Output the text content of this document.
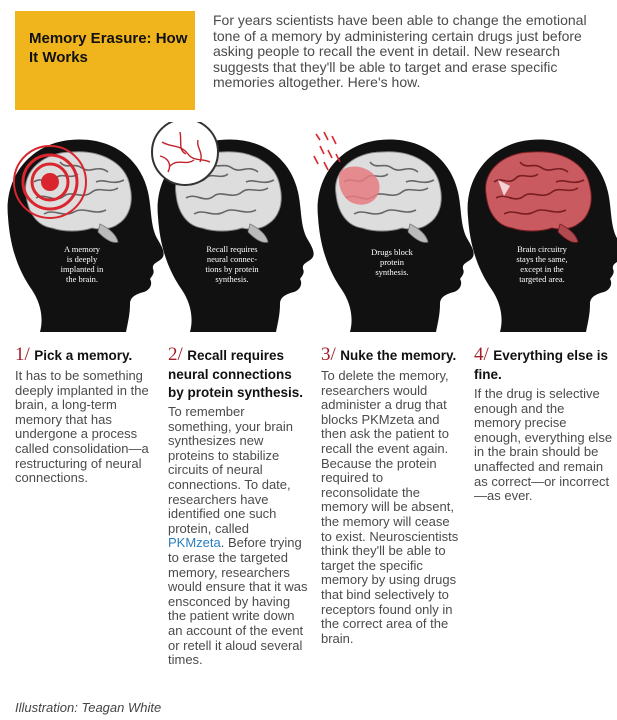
Memory Erasure: How It Works
For years scientists have been able to change the emotional tone of a memory by administering certain drugs just before asking people to recall the event in detail. New research suggests that they'll be able to target and erase specific memories altogether. Here's how.
A memory
is deeply
implanted in
the brain.
Recall requires
neural connec-
tions by protein
synthesis.
Drugs block
protein
synthesis.
Brain circuitry
stays the same,
except in the
targeted area.
1/ Pick a memory.
It has to be something deeply implanted in the brain, a long-term memory that has undergone a process called consolidation—a restructuring of neural connections.
2/ Recall requires neural connections by protein synthesis.
To remember something, your brain synthesizes new proteins to stabilize circuits of neural connections. To date, researchers have identified one such protein, called PKMzeta. Before trying to erase the targeted memory, researchers would ensure that it was ensconced by having the patient write down an account of the event or retell it aloud several times.
3/ Nuke the memory.
To delete the memory, researchers would administer a drug that blocks PKMzeta and then ask the patient to recall the event again. Because the protein required to reconsolidate the memory will be absent, the memory will cease to exist. Neuroscientists think they'll be able to target the specific memory by using drugs that bind selectively to receptors found only in the correct area of the brain.
4/ Everything else is fine.
If the drug is selective enough and the memory precise enough, everything else in the brain should be unaffected and remain as correct—or incorrect—as ever.
Illustration: Teagan White
